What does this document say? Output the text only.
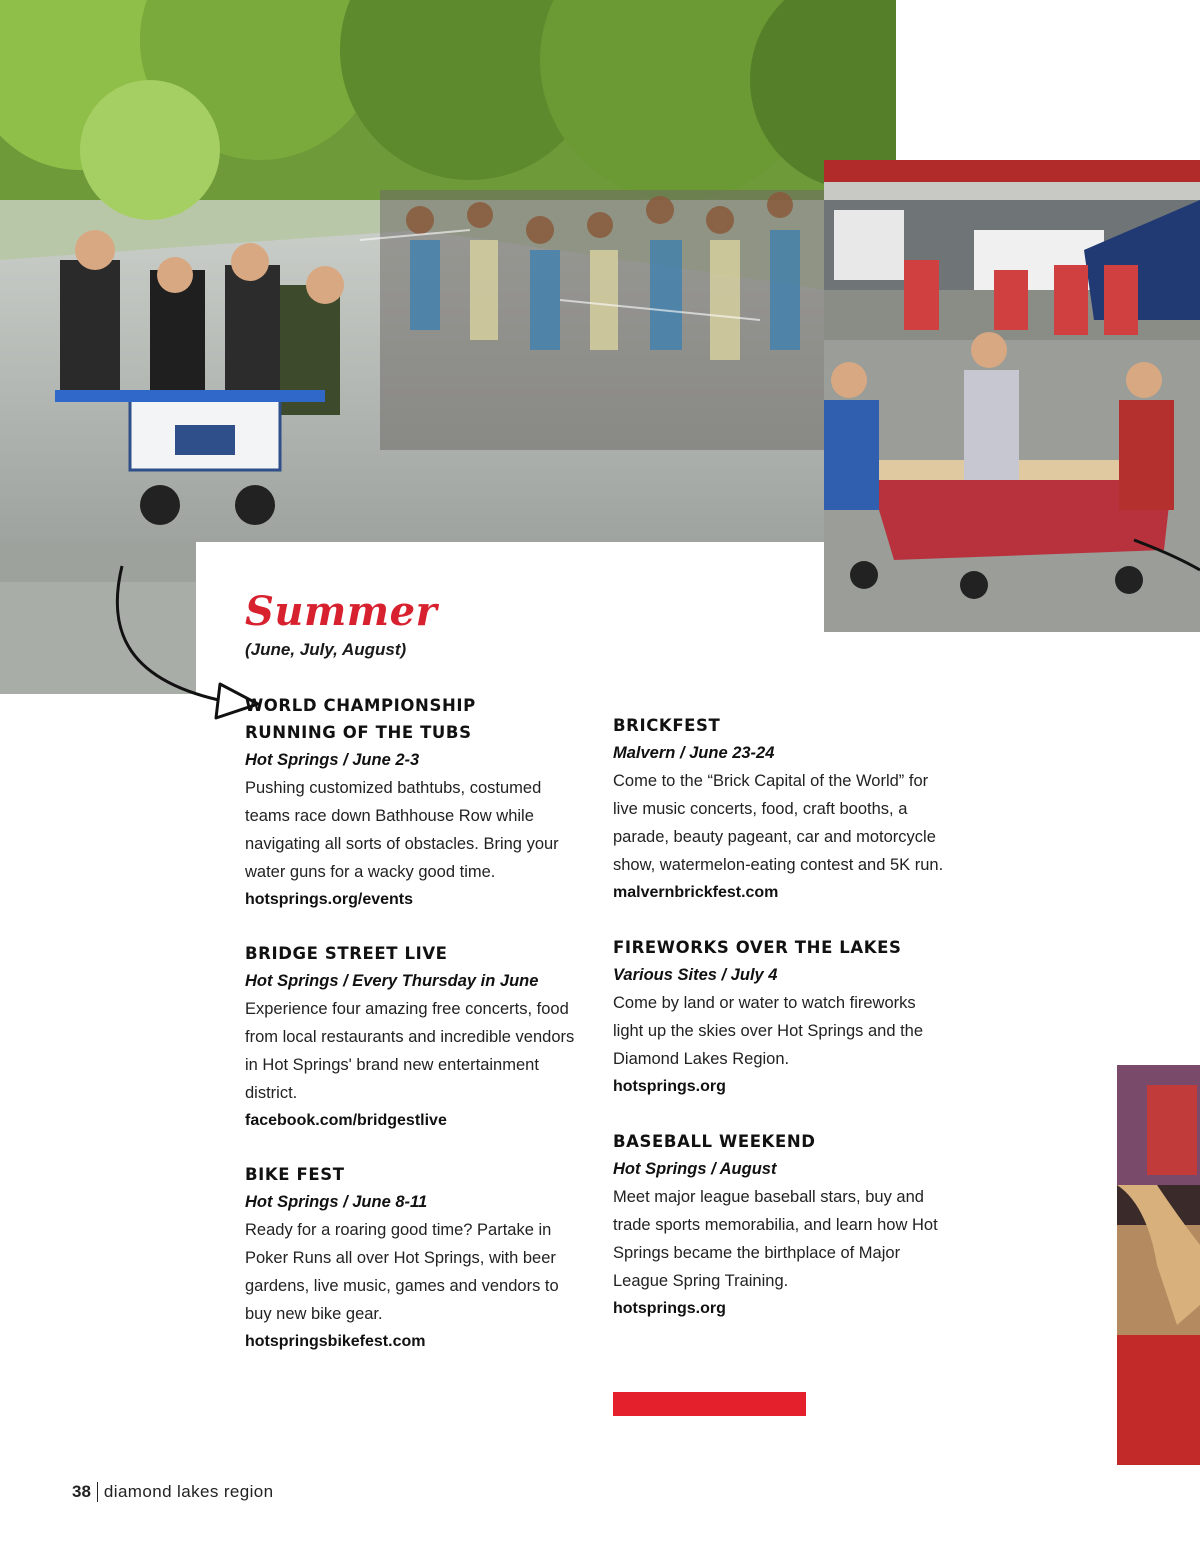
Summer
(June, July, August)
WORLD CHAMPIONSHIP RUNNING OF THE TUBS
Hot Springs / June 2-3
Pushing customized bathtubs, costumed teams race down Bathhouse Row while navigating all sorts of obstacles. Bring your water guns for a wacky good time.
hotsprings.org/events
BRIDGE STREET LIVE
Hot Springs / Every Thursday in June
Experience four amazing free concerts, food from local restaurants and incredible vendors in Hot Springs' brand new entertainment district.
facebook.com/bridgestlive
BIKE FEST
Hot Springs / June 8-11
Ready for a roaring good time? Partake in Poker Runs all over Hot Springs, with beer gardens, live music, games and vendors to buy new bike gear.
hotspringsbikefest.com
BRICKFEST
Malvern / June 23-24
Come to the “Brick Capital of the World” for live music concerts, food, craft booths, a parade, beauty pageant, car and motorcycle show, watermelon-eating contest and 5K run.
malvernbrickfest.com
FIREWORKS OVER THE LAKES
Various Sites / July 4
Come by land or water to watch fireworks light up the skies over Hot Springs and the Diamond Lakes Region.
hotsprings.org
BASEBALL WEEKEND
Hot Springs / August
Meet major league baseball stars, buy and trade sports memorabilia, and learn how Hot Springs became the birthplace of Major League Spring Training.
hotsprings.org
38 diamond lakes region
